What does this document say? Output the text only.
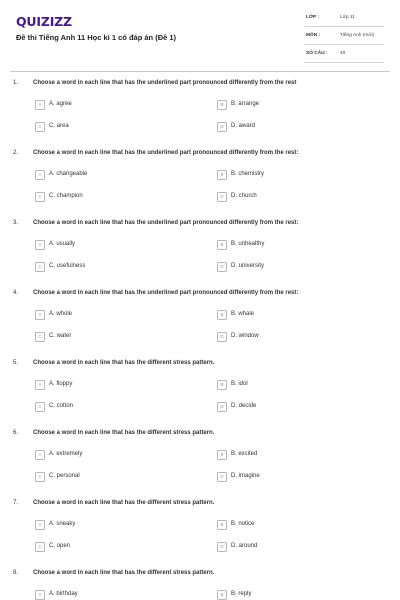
QUIZIZZ
Đề thi Tiếng Anh 11 Học kì 1 có đáp án (Đề 1)
LỚP :	Lớp 11
MÔN :	Tiếng Anh (mới)
SỐ CÂU :	40
1. Choose a word in each line that has the underlined part pronounced differently from the rest
A	A. agree	B	B. arrange
C	C. area	D	D. award
2. Choose a word in each line that has the underlined part pronounced differently from the rest:
A	A. changeable	B	B. chemistry
C	C. champion	D	D. church
3. Choose a word in each line that has the underlined part pronounced differently from the rest:
A	A. usually	B	B. unhealthy
C	C. usefulness	D	D. university
4. Choose a word in each line that has the underlined part pronounced differently from the rest:
A	A. whole	B	B. whale
C	C. water	D	D. window
5. Choose a word in each line that has the different stress pattern.
A	A. floppy	B	B. idol
C	C. cotton	D	D. decide
6. Choose a word in each line that has the different stress pattern.
A	A. extremely	B	B. excited
C	C. personal	D	D. imagine
7. Choose a word in each line that has the different stress pattern.
A	A. sneaky	B	B. notice
C	C. open	D	D. around
8. Choose a word in each line that has the different stress pattern.
A	A. birthday	B	B. reply
